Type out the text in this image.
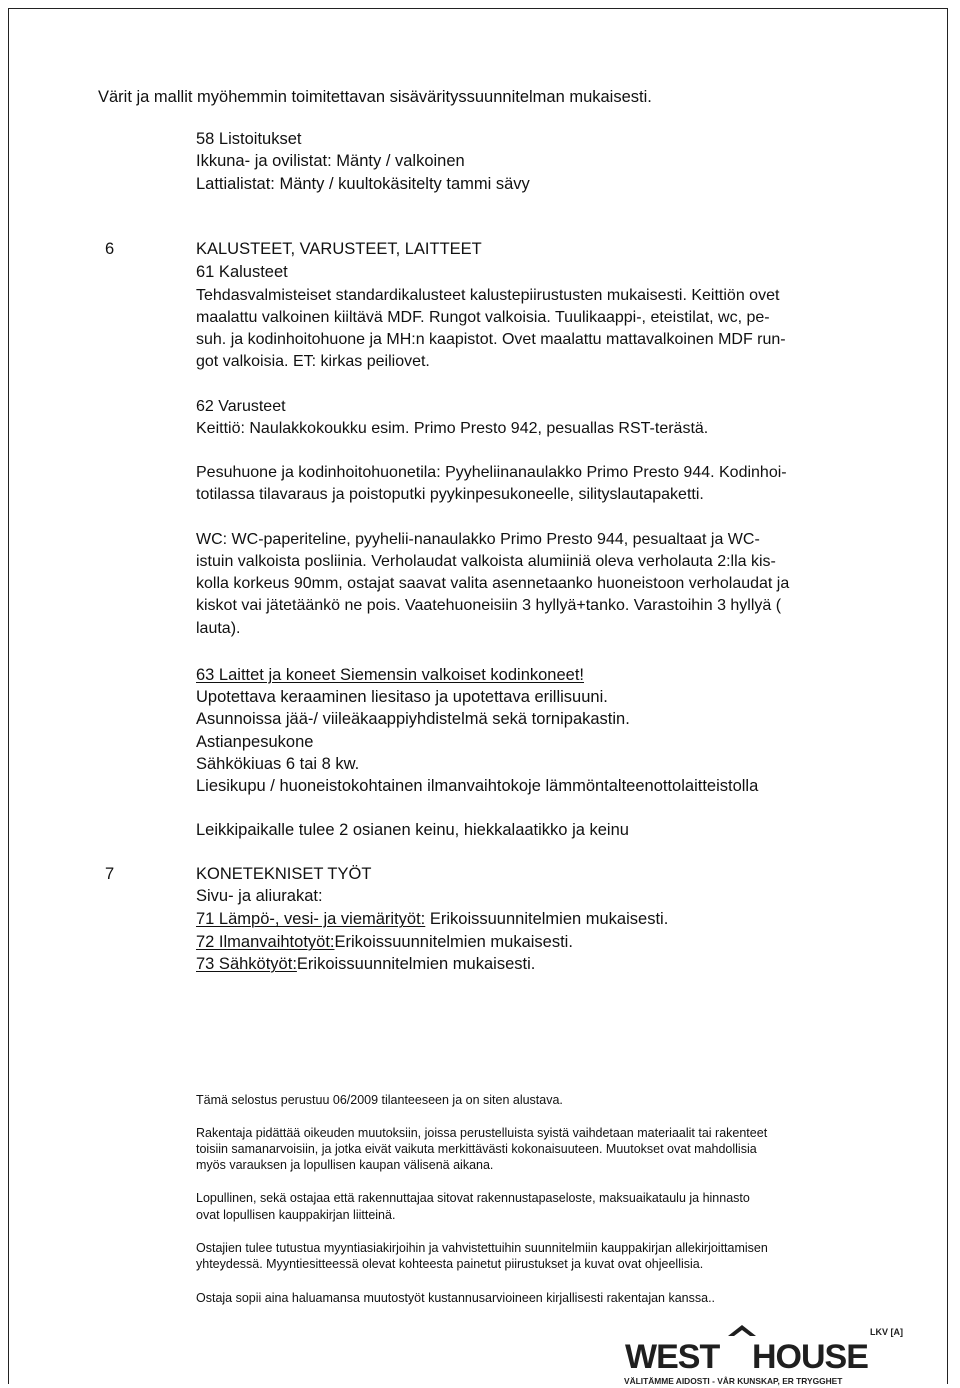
Värit ja mallit myöhemmin toimitettavan sisävärityssuunnitelman mukaisesti.
58 Listoitukset
Ikkuna- ja ovilistat: Mänty / valkoinen
Lattialistat: Mänty / kuultokäsitelty tammi sävy
6	KALUSTEET, VARUSTEET, LAITTEET
61 Kalusteet
Tehdasvalmisteiset standardikalusteet kalustepiirustusten mukaisesti. Keittiön ovet
maalattu valkoinen kiiltävä MDF. Rungot valkoisia. Tuulikaappi-, eteistilat, wc, pe-
suh. ja kodinhoitohuone ja MH:n kaapistot. Ovet maalattu mattavalkoinen MDF run-
got valkoisia. ET: kirkas peiliovet.
62 Varusteet
Keittiö: Naulakkokoukku esim. Primo Presto 942, pesuallas RST-terästä.
Pesuhuone ja kodinhoitohuonetila: Pyyheliinanaulakko Primo Presto 944. Kodinhoi-
totilassa tilavaraus ja poistoputki pyykinpesukoneelle, silityslautapaketti.
WC: WC-paperiteline, pyyhelii-nanaulakko Primo Presto 944, pesualtaat ja WC-
istuin valkoista posliinia. Verholaudat valkoista alumiiniä oleva verholauta 2:lla kis-
kolla korkeus 90mm, ostajat saavat valita asennetaanko huoneistoon verholaudat ja
kiskot vai jätetäänkö ne pois. Vaatehuoneisiin 3 hyllyä+tanko. Varastoihin 3 hyllyä (
lauta).
63 Laittet ja koneet Siemensin valkoiset kodinkoneet!
Upotettava keraaminen liesitaso ja upotettava erillisuuni.
Asunnoissa jää-/ viileäkaappiyhdistelmä sekä tornipakastin.
Astianpesukone
Sähkökiuas 6 tai 8 kw.
Liesikupu / huoneistokohtainen ilmanvaihtokoje lämmöntalteenottolaitteistolla
Leikkipaikalle tulee 2 osianen keinu, hiekkalaatikko ja keinu
7	KONETEKNISET TYÖT
Sivu- ja aliurakat:
71 Lämpö-, vesi- ja viemärityöt: Erikoissuunnitelmien mukaisesti.
72 Ilmanvaihtotyöt:Erikoissuunnitelmien mukaisesti.
73 Sähkötyöt:Erikoissuunnitelmien mukaisesti.
Tämä selostus perustuu 06/2009 tilanteeseen ja on siten alustava.
Rakentaja pidättää oikeuden muutoksiin, joissa perustelluista syistä vaihdetaan materiaalit tai rakenteet
toisiin samanarvoisiin, ja jotka eivät vaikuta merkittävästi kokonaisuuteen. Muutokset ovat mahdollisia
myös varauksen ja lopullisen kaupan välisenä aikana.
Lopullinen, sekä ostajaa että rakennuttajaa sitovat rakennustapaseloste, maksuaikataulu ja hinnasto
ovat lopullisen kauppakirjan liitteinä.
Ostajien tulee tutustua myyntiasiakirjoihin ja vahvistettuihin suunnitelmiin kauppakirjan allekirjoittamisen
yhteydessä. Myyntiesitteessä olevat kohteesta painetut piirustukset ja kuvat ovat ohjeellisia.
Ostaja sopii aina haluamansa muutostyöt kustannusarvioineen kirjallisesti rakentajan kanssa..
LKV [A]
WEST HOUSE
VÄLITÄMME AIDOSTI - VÅR KUNSKAP, ER TRYGGHET
